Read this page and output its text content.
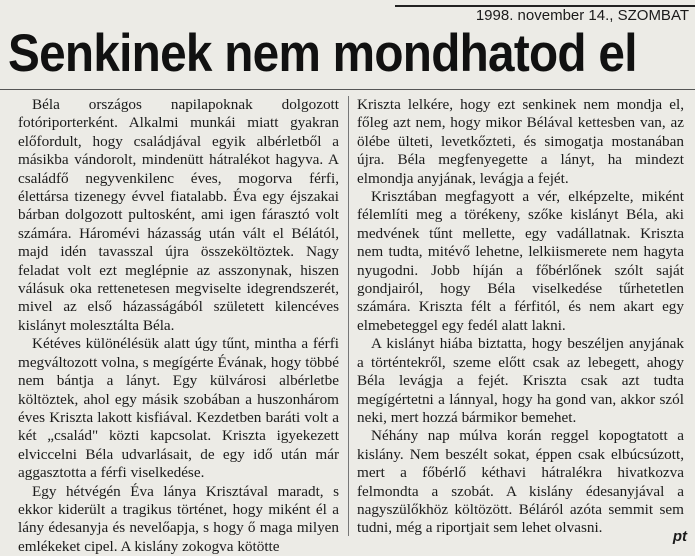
1998. november 14., SZOMBAT
Senkinek nem mondhatod el

Béla országos napilapoknak dolgozott fotóriporterként. Alkalmi munkái miatt gyakran előfordult, hogy családjával egyik albérletből a másikba vándorolt, mindenütt hátralékot hagyva. A családfő negyvenkilenc éves, mogorva férfi, élettársa tizenegy évvel fiatalabb. Éva egy éjszakai bárban dolgozott pultosként, ami igen fárasztó volt számára. Háromévi házasság után vált el Bélától, majd idén tavasszal újra összeköltöztek. Nagy feladat volt ezt meglépnie az asszonynak, hiszen válásuk oka rettenetesen megviselte idegrendszerét, mivel az első házasságából született kilencéves kislányt molesztálta Béla.

Kétéves különélésük alatt úgy tűnt, mintha a férfi megváltozott volna, s megígérte Évának, hogy többé nem bántja a lányt. Egy külvárosi albérletbe költöztek, ahol egy másik szobában a huszonhárom éves Kriszta lakott kisfiával. Kezdetben baráti volt a két „család" közti kapcsolat. Kriszta igyekezett elviccelni Béla udvarlásait, de egy idő után már aggasztotta a férfi viselkedése.

Egy hétvégén Éva lánya Krisztával maradt, s ekkor kiderült a tragikus történet, hogy miként él a lány édesanyja és nevelőapja, s hogy ő maga milyen emlékeket cipel. A kislány zokogva kötötte

Kriszta lelkére, hogy ezt senkinek nem mondja el, főleg azt nem, hogy mikor Bélával kettesben van, az ölébe ülteti, levetkőzteti, és simogatja mostanában újra. Béla megfenyegette a lányt, ha mindezt elmondja anyjának, levágja a fejét.

Krisztában megfagyott a vér, elképzelte, miként félemlíti meg a törékeny, szőke kislányt Béla, aki medvének tűnt mellette, egy vadállatnak. Kriszta nem tudta, mitévő lehetne, lelkiismerete nem hagyta nyugodni. Jobb híján a főbérlőnek szólt saját gondjairól, hogy Béla viselkedése tűrhetetlen számára. Kriszta félt a férfitól, és nem akart egy elmebeteggel egy fedél alatt lakni.

A kislányt hiába biztatta, hogy beszéljen anyjának a történtekről, szeme előtt csak az lebegett, ahogy Béla levágja a fejét. Kriszta csak azt tudta megígértetni a lánnyal, hogy ha gond van, akkor szól neki, mert hozzá bármikor bemehet.

Néhány nap múlva korán reggel kopogtatott a kislány. Nem beszélt sokat, éppen csak elbúcsúzott, mert a főbérlő kéthavi hátralékra hivatkozva felmondta a szobát. A kislány édesanyjával a nagyszülőkhöz költözött. Béláról azóta semmit sem tudni, még a riportjait sem lehet olvasni.

pt
